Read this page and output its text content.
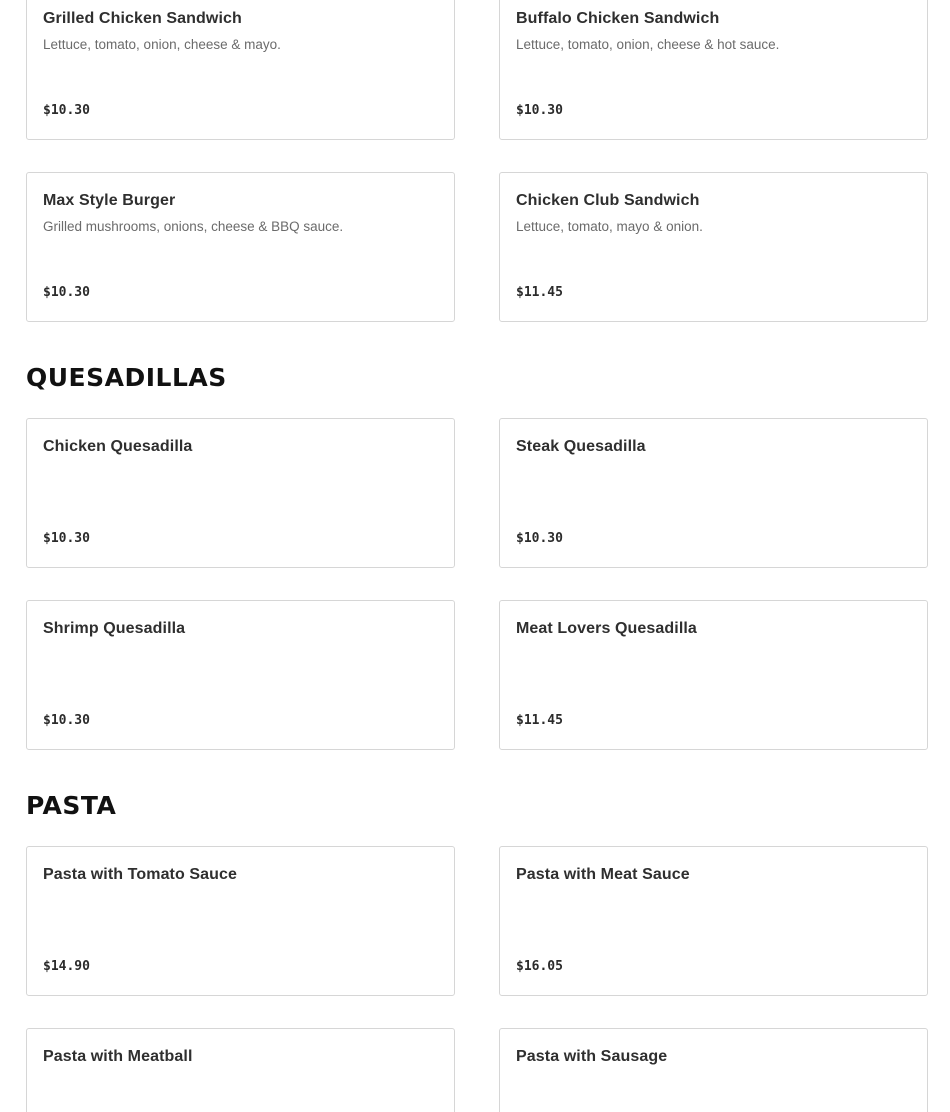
Grilled Chicken Sandwich
Lettuce, tomato, onion, cheese & mayo.
$10.30
Buffalo Chicken Sandwich
Lettuce, tomato, onion, cheese & hot sauce.
$10.30
Max Style Burger
Grilled mushrooms, onions, cheese & BBQ sauce.
$10.30
Chicken Club Sandwich
Lettuce, tomato, mayo & onion.
$11.45
QUESADILLAS
Chicken Quesadilla
$10.30
Steak Quesadilla
$10.30
Shrimp Quesadilla
$10.30
Meat Lovers Quesadilla
$11.45
PASTA
Pasta with Tomato Sauce
$14.90
Pasta with Meat Sauce
$16.05
Pasta with Meatball	Pasta with Sausage
